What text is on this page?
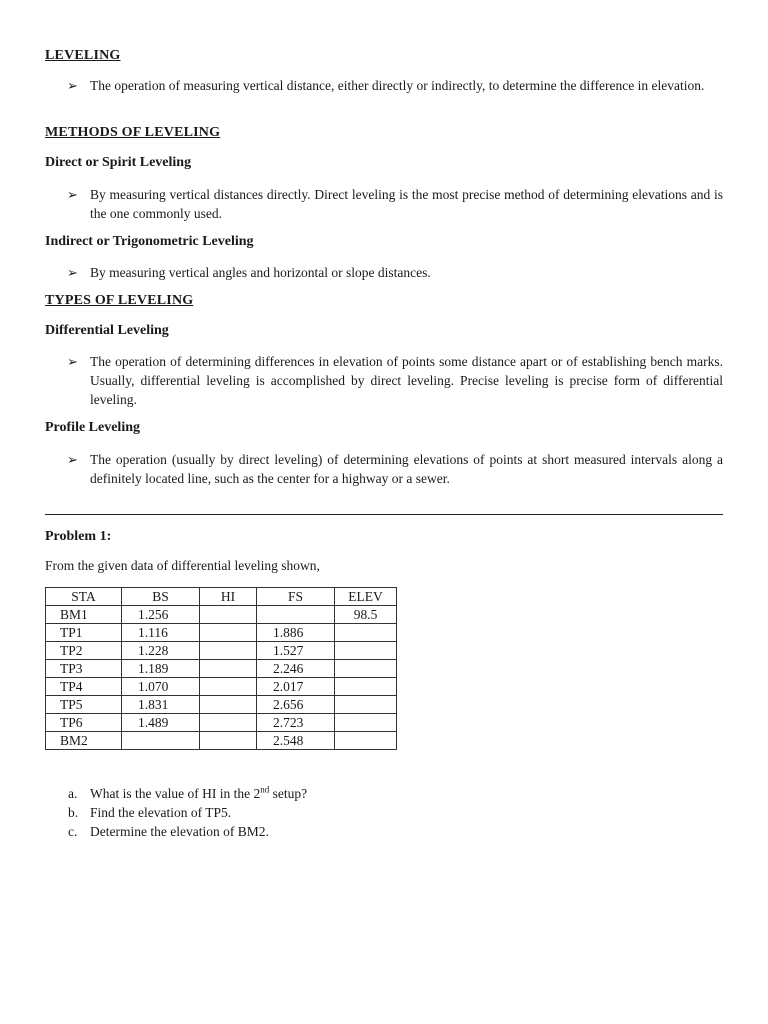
LEVELING
➢ The operation of measuring vertical distance, either directly or indirectly, to determine the difference in elevation.
METHODS OF LEVELING
Direct or Spirit Leveling
➢ By measuring vertical distances directly. Direct leveling is the most precise method of determining elevations and is the one commonly used.
Indirect or Trigonometric Leveling
➢ By measuring vertical angles and horizontal or slope distances.
TYPES OF LEVELING
Differential Leveling
➢ The operation of determining differences in elevation of points some distance apart or of establishing bench marks. Usually, differential leveling is accomplished by direct leveling. Precise leveling is precise form of differential leveling.
Profile Leveling
➢ The operation (usually by direct leveling) of determining elevations of points at short measured intervals along a definitely located line, such as the center for a highway or a sewer.
Problem 1:
From the given data of differential leveling shown,
STA	BS	HI	FS	ELEV
BM1	1.256			98.5
TP1	1.116		1.886	
TP2	1.228		1.527	
TP3	1.189		2.246	
TP4	1.070		2.017	
TP5	1.831		2.656	
TP6	1.489		2.723	
BM2			2.548	
a. What is the value of HI in the 2nd setup?
b. Find the elevation of TP5.
c. Determine the elevation of BM2.
